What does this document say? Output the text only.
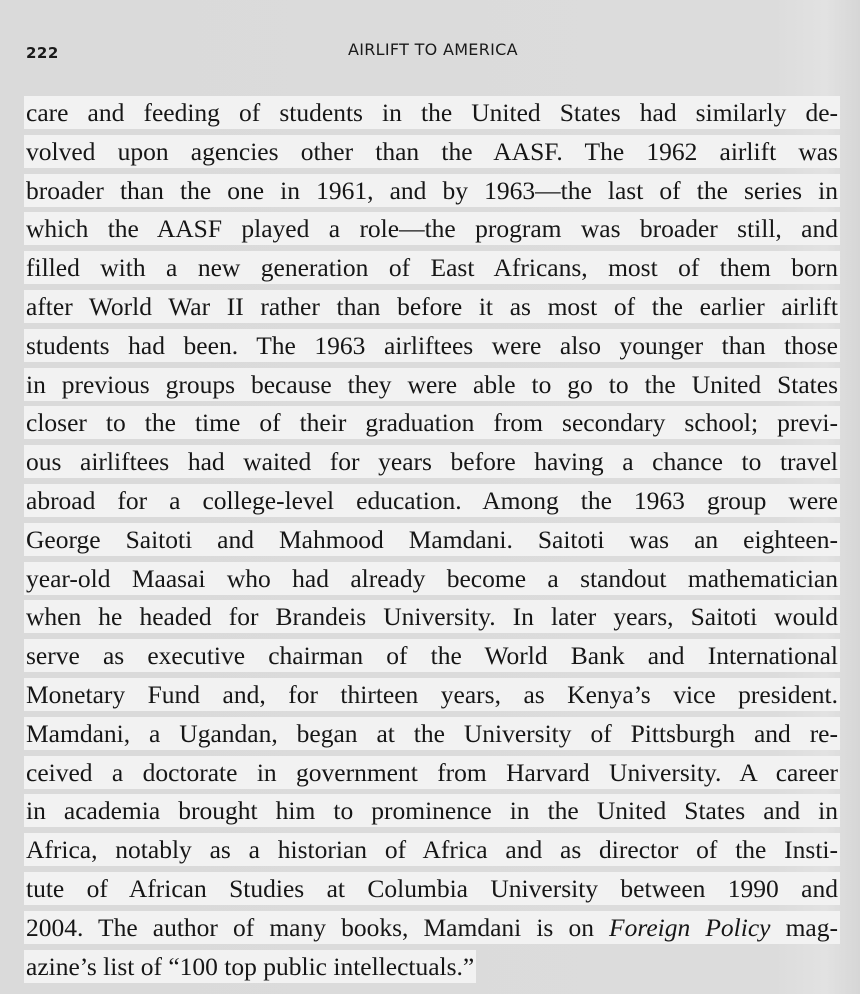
222	AIRLIFT TO AMERICA
care and feeding of students in the United States had similarly de-
volved upon agencies other than the AASF. The 1962 airlift was
broader than the one in 1961, and by 1963—the last of the series in
which the AASF played a role—the program was broader still, and
filled with a new generation of East Africans, most of them born
after World War II rather than before it as most of the earlier airlift
students had been. The 1963 airliftees were also younger than those
in previous groups because they were able to go to the United States
closer to the time of their graduation from secondary school; previ-
ous airliftees had waited for years before having a chance to travel
abroad for a college-level education. Among the 1963 group were
George Saitoti and Mahmood Mamdani. Saitoti was an eighteen-
year-old Maasai who had already become a standout mathematician
when he headed for Brandeis University. In later years, Saitoti would
serve as executive chairman of the World Bank and International
Monetary Fund and, for thirteen years, as Kenya’s vice president.
Mamdani, a Ugandan, began at the University of Pittsburgh and re-
ceived a doctorate in government from Harvard University. A career
in academia brought him to prominence in the United States and in
Africa, notably as a historian of Africa and as director of the Insti-
tute of African Studies at Columbia University between 1990 and
2004. The author of many books, Mamdani is on Foreign Policy mag-
azine’s list of “100 top public intellectuals.”
